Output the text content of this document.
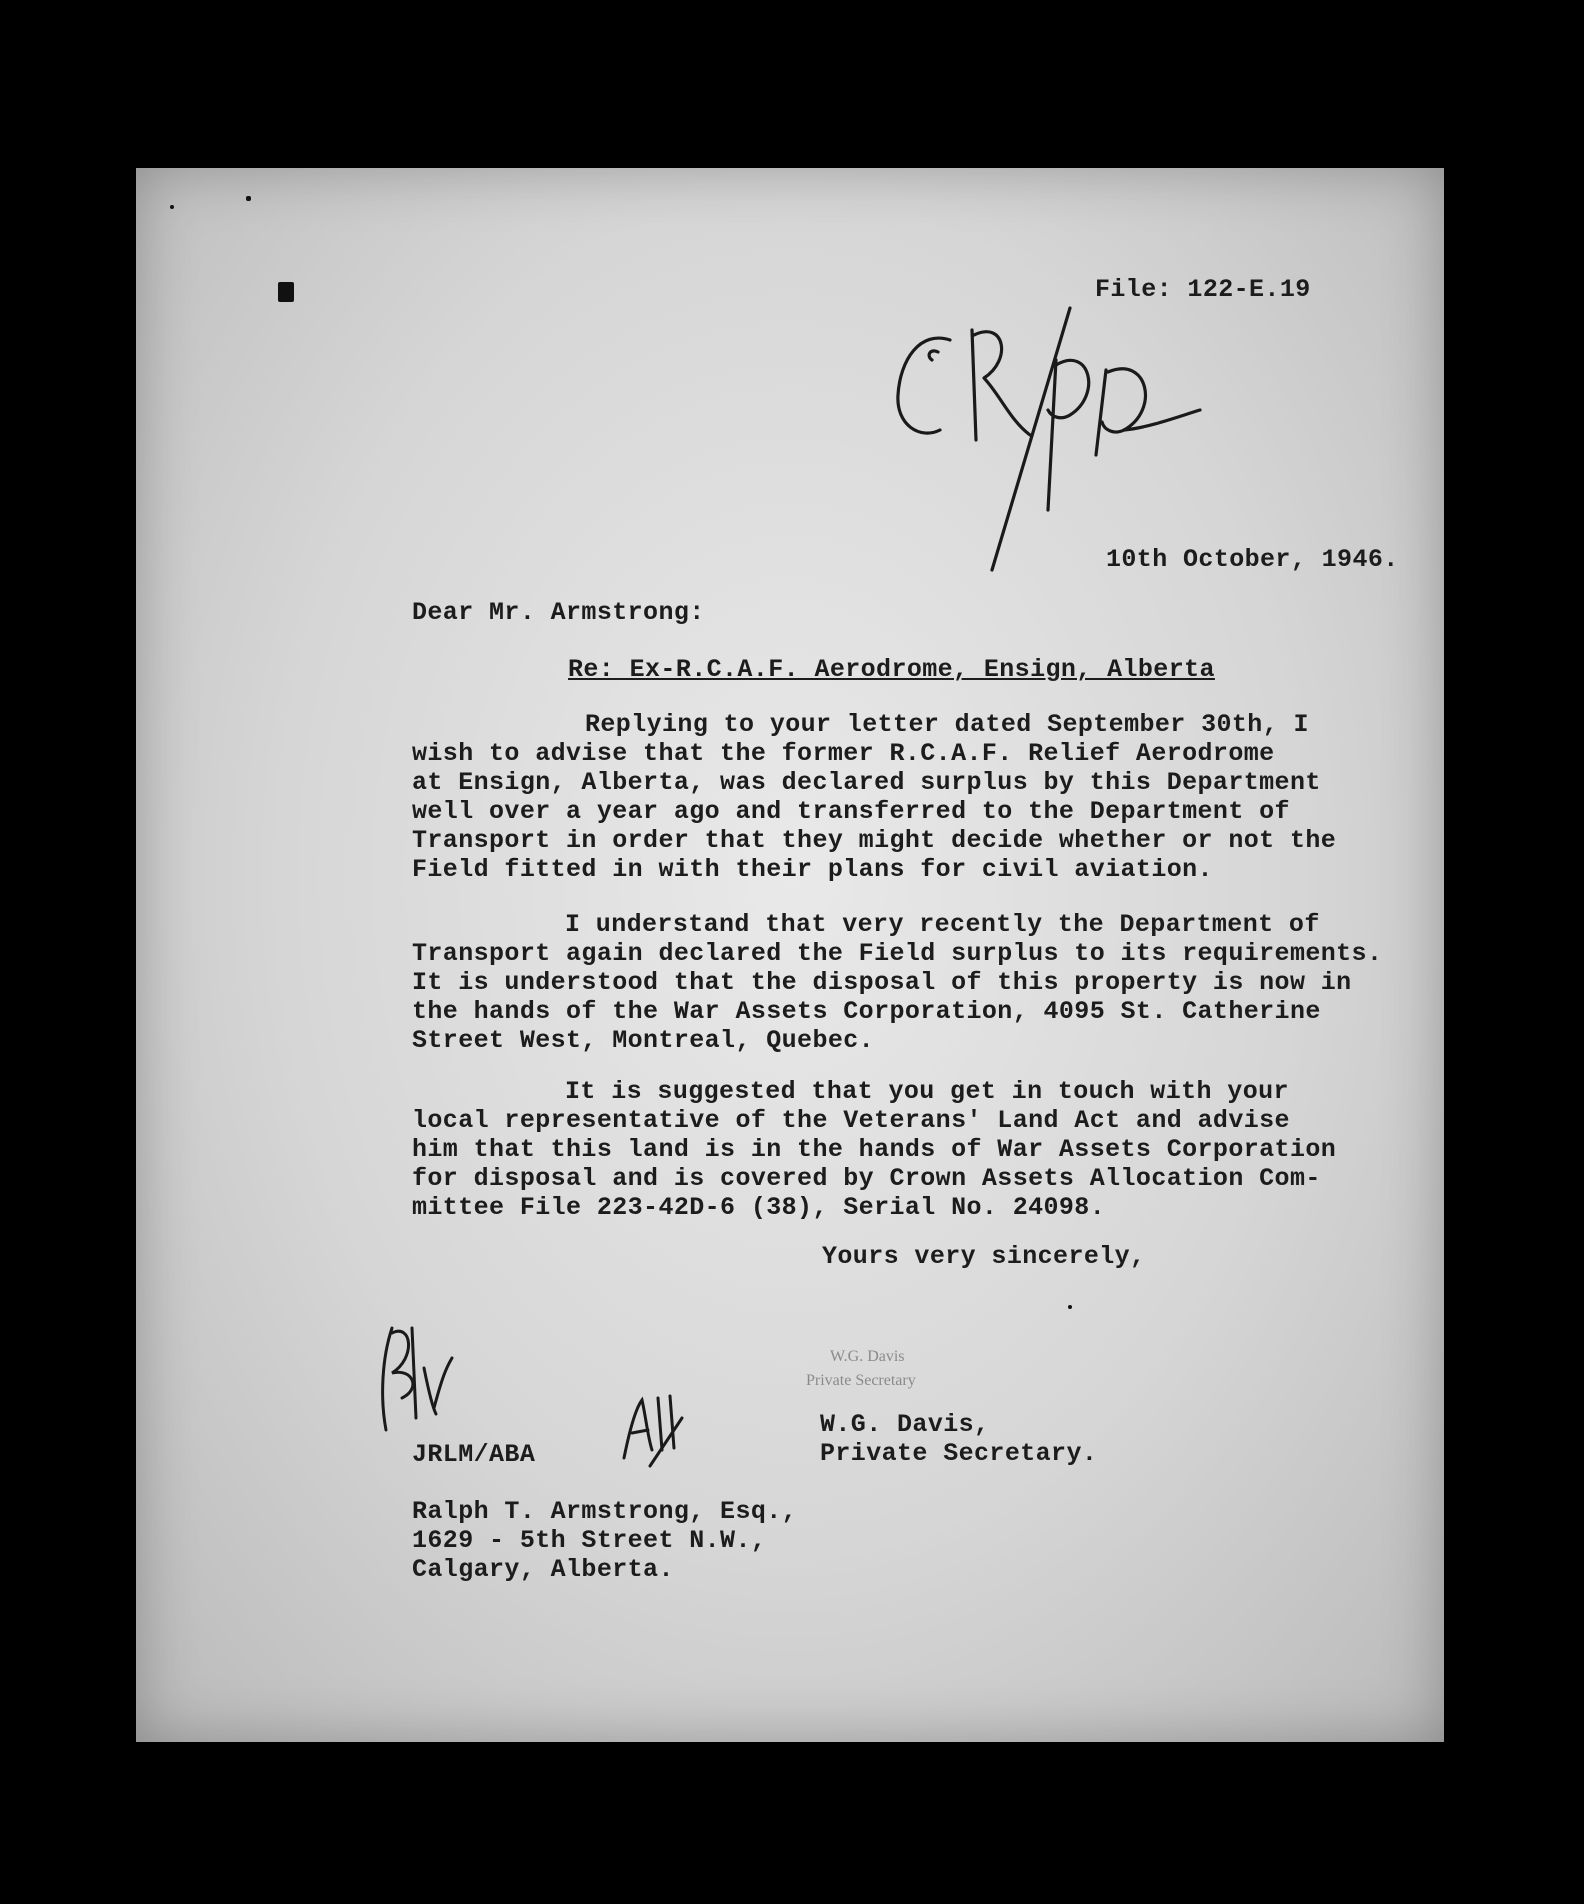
File: 122-E.19
10th October, 1946.
Dear Mr. Armstrong:
Re: Ex-R.C.A.F. Aerodrome, Ensign, Alberta
Replying to your letter dated September 30th, I
wish to advise that the former R.C.A.F. Relief Aerodrome
at Ensign, Alberta, was declared surplus by this Department
well over a year ago and transferred to the Department of
Transport in order that they might decide whether or not the
Field fitted in with their plans for civil aviation.
I understand that very recently the Department of
Transport again declared the Field surplus to its requirements.
It is understood that the disposal of this property is now in
the hands of the War Assets Corporation, 4095 St. Catherine
Street West, Montreal, Quebec.
It is suggested that you get in touch with your
local representative of the Veterans' Land Act and advise
him that this land is in the hands of War Assets Corporation
for disposal and is covered by Crown Assets Allocation Com-
mittee File 223-42D-6 (38), Serial No. 24098.
Yours very sincerely,
W.G. Davis
Private Secretary
W.G. Davis,
Private Secretary.
JRLM/ABA
Ralph T. Armstrong, Esq.,
1629 - 5th Street N.W.,
Calgary, Alberta.
